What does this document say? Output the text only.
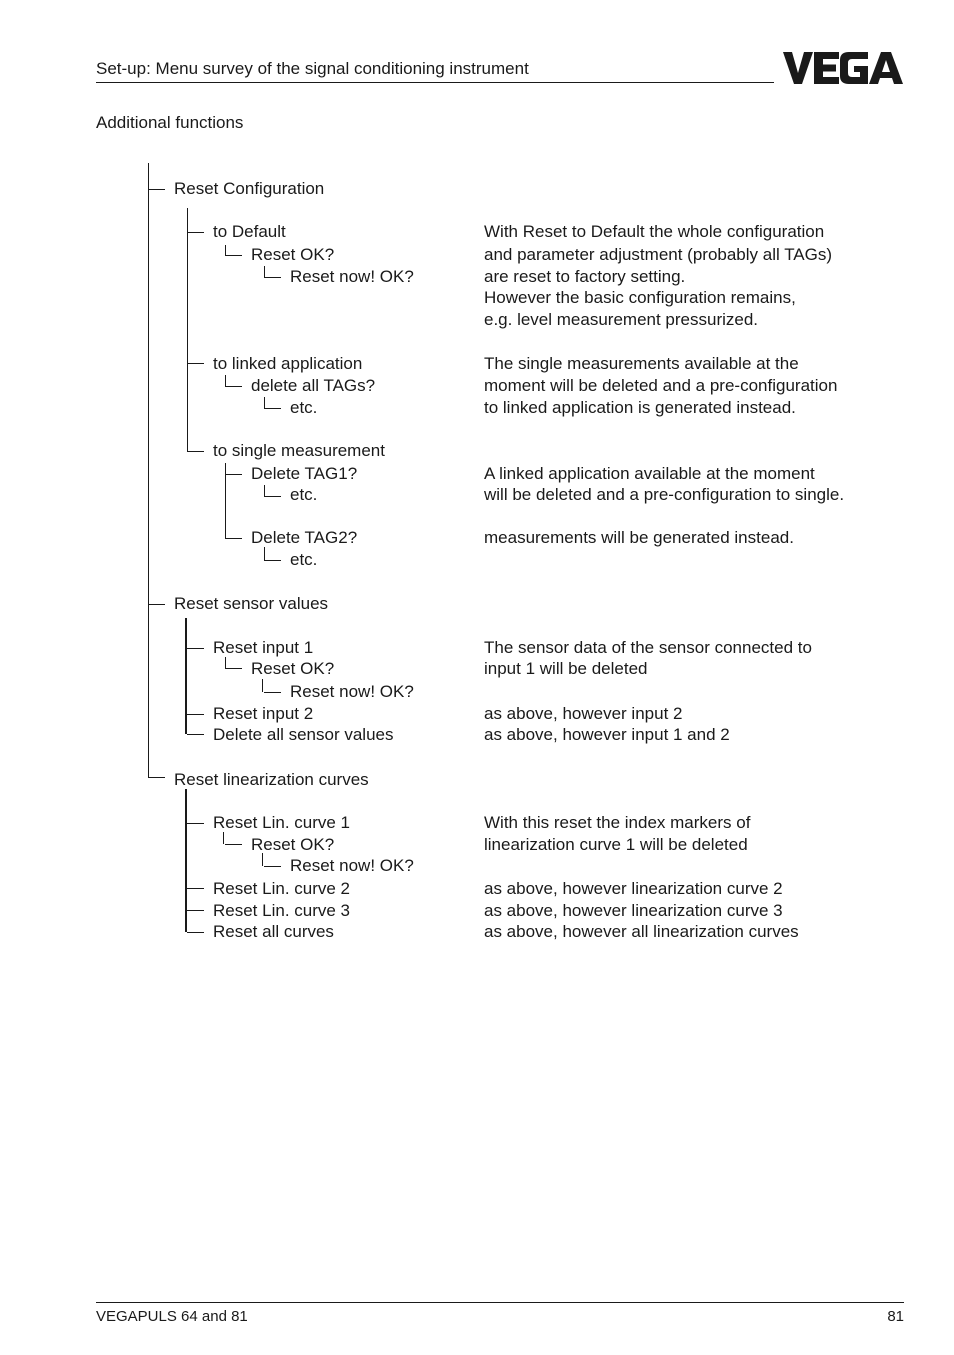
Set-up: Menu survey of the signal conditioning instrument
Additional functions
Reset Configuration
to Default
Reset OK?
Reset now! OK?
to linked application
delete all TAGs?
etc.
to single measurement
Delete TAG1?
etc.
Delete TAG2?
etc.
Reset sensor values
Reset input 1
Reset OK?
Reset now! OK?
Reset input 2
Delete all sensor values
Reset linearization curves
Reset Lin. curve 1
Reset OK?
Reset now! OK?
Reset Lin. curve 2
Reset Lin. curve 3
Reset all curves
With Reset to Default the whole configuration
and parameter adjustment (probably all TAGs)
are reset to factory setting.
However the basic configuration remains,
e.g. level measurement pressurized.
The single measurements available at the
moment will be deleted and a pre-configuration
to linked application is generated instead.
A linked application available at the moment
will be deleted and a pre-configuration to single.
measurements will be generated instead.
The sensor data of the sensor connected to
input 1 will be deleted
as above, however input 2
as above, however input 1 and 2
With this reset the index markers of
linearization curve 1 will be deleted
as above, however linearization curve 2
as above, however linearization curve 3
as above, however all linearization curves
VEGAPULS 64 and 81	81
